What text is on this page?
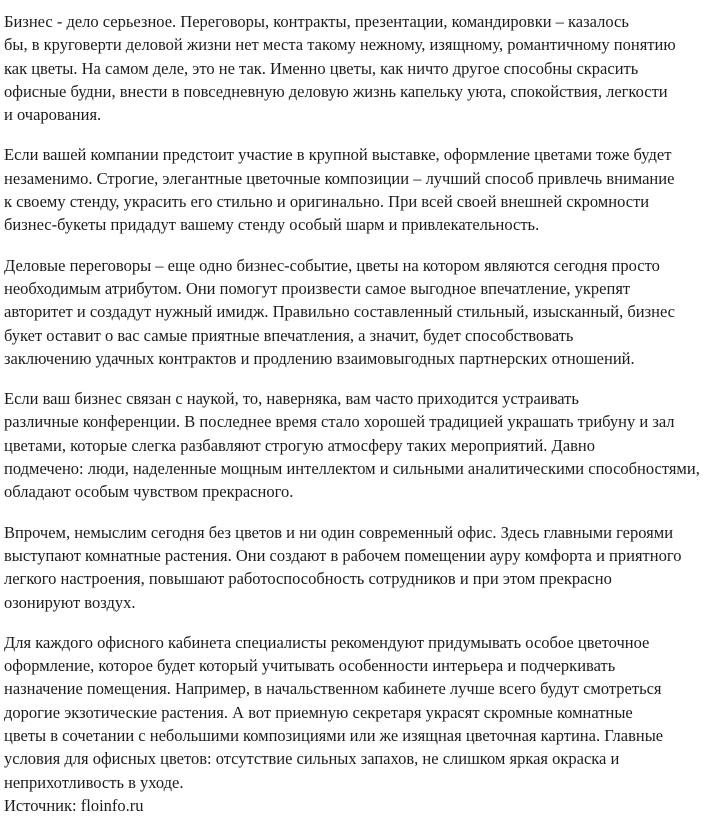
Бизнес - дело серьезное. Переговоры, контракты, презентации, командировки – казалось
бы, в круговерти деловой жизни нет места такому нежному, изящному, романтичному понятию
как цветы. На самом деле, это не так. Именно цветы, как ничто другое способны скрасить
офисные будни, внести в повседневную деловую жизнь капельку уюта, спокойствия, легкости
и очарования.
Если вашей компании предстоит участие в крупной выставке, оформление цветами тоже будет
незаменимо. Строгие, элегантные цветочные композиции – лучший способ привлечь внимание
к своему стенду, украсить его стильно и оригинально. При всей своей внешней скромности
бизнес-букеты придадут вашему стенду особый шарм и привлекательность.
Деловые переговоры – еще одно бизнес-событие, цветы на котором являются сегодня просто
необходимым атрибутом. Они помогут произвести самое выгодное впечатление, укрепят
авторитет и создадут нужный имидж. Правильно составленный стильный, изысканный, бизнес
букет оставит о вас самые приятные впечатления, а значит, будет способствовать
заключению удачных контрактов и продлению взаимовыгодных партнерских отношений.
Если ваш бизнес связан с наукой, то, наверняка, вам часто приходится устраивать
различные конференции. В последнее время стало хорошей традицией украшать трибуну и зал
цветами, которые слегка разбавляют строгую атмосферу таких мероприятий. Давно
подмечено: люди, наделенные мощным интеллектом и сильными аналитическими способностями,
обладают особым чувством прекрасного.
Впрочем, немыслим сегодня без цветов и ни один современный офис. Здесь главными героями
выступают комнатные растения. Они создают в рабочем помещении ауру комфорта и приятного
легкого настроения, повышают работоспособность сотрудников и при этом прекрасно
озонируют воздух.
Для каждого офисного кабинета специалисты рекомендуют придумывать особое цветочное
оформление, которое будет который учитывать особенности интерьера и подчеркивать
назначение помещения. Например, в начальственном кабинете лучше всего будут смотреться
дорогие экзотические растения. А вот приемную секретаря украсят скромные комнатные
цветы в сочетании с небольшими композициями или же изящная цветочная картина. Главные
условия для офисных цветов: отсутствие сильных запахов, не слишком яркая окраска и
неприхотливость в уходе.
Источник: floinfo.ru
